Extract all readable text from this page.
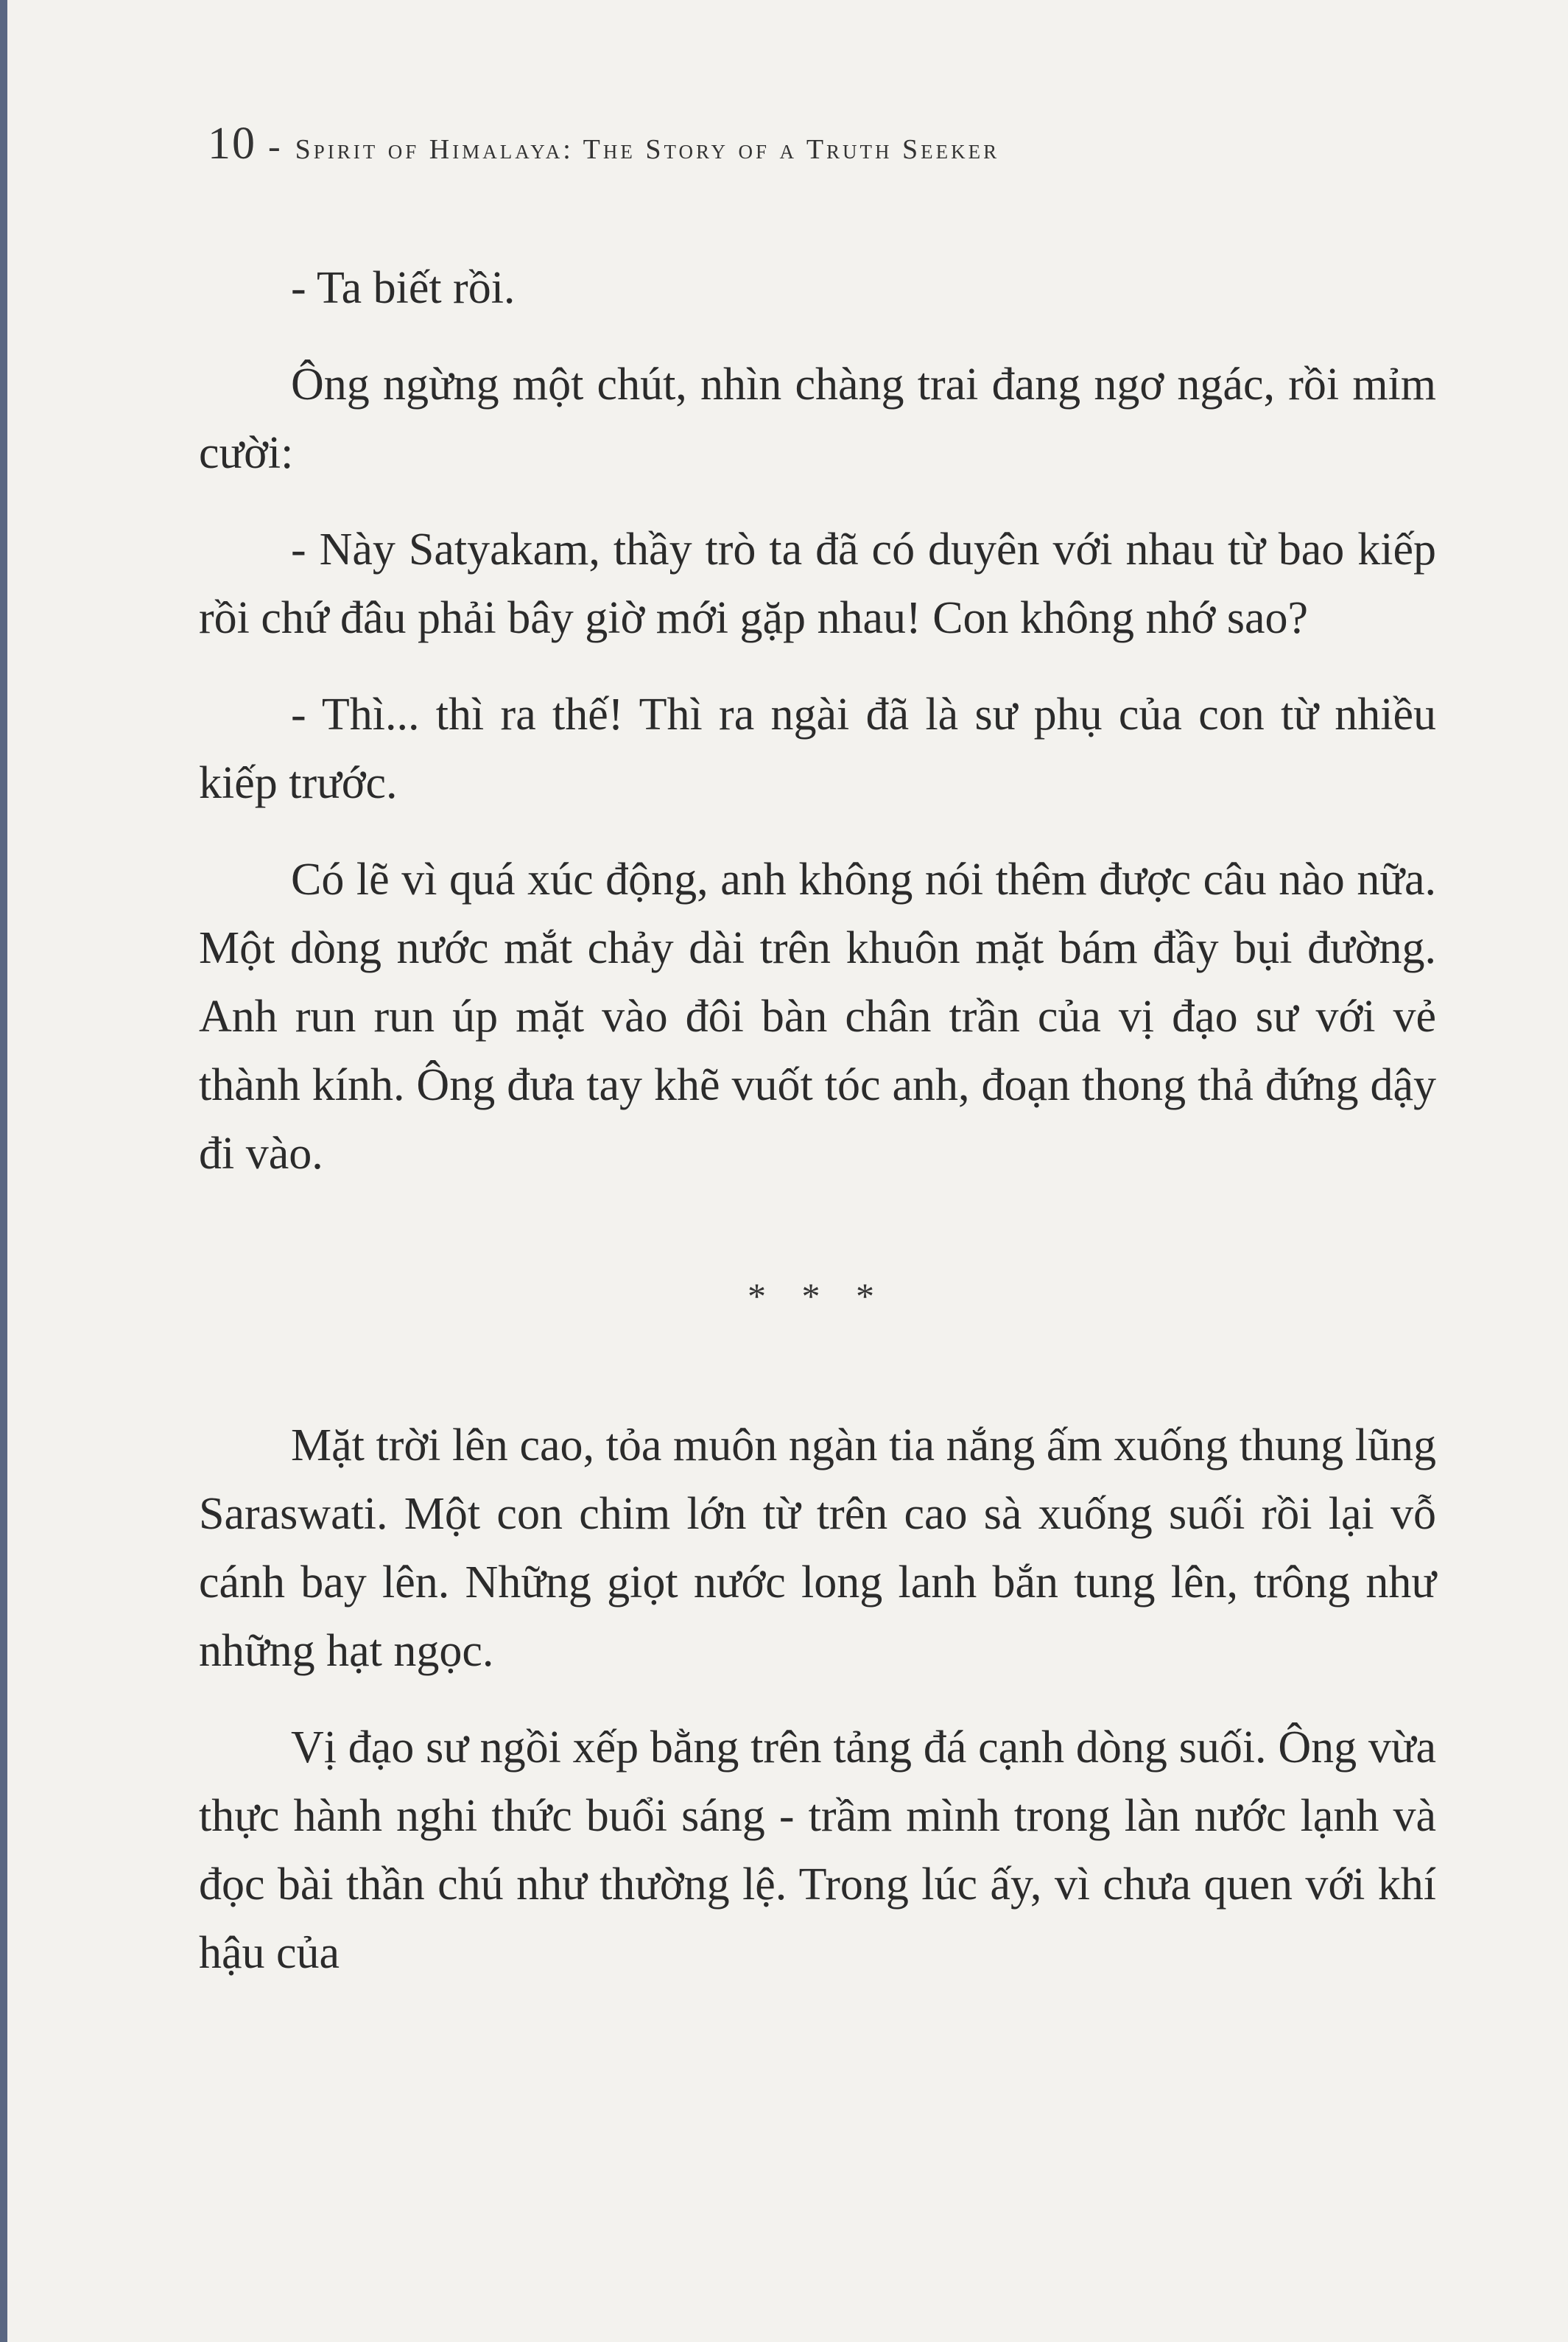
10 - Spirit of Himalaya: The Story of a Truth Seeker

- Ta biết rồi.

Ông ngừng một chút, nhìn chàng trai đang ngơ ngác, rồi mỉm cười:

- Này Satyakam, thầy trò ta đã có duyên với nhau từ bao kiếp rồi chứ đâu phải bây giờ mới gặp nhau! Con không nhớ sao?

- Thì... thì ra thế! Thì ra ngài đã là sư phụ của con từ nhiều kiếp trước.

Có lẽ vì quá xúc động, anh không nói thêm được câu nào nữa. Một dòng nước mắt chảy dài trên khuôn mặt bám đầy bụi đường. Anh run run úp mặt vào đôi bàn chân trần của vị đạo sư với vẻ thành kính. Ông đưa tay khẽ vuốt tóc anh, đoạn thong thả đứng dậy đi vào.

* * *

Mặt trời lên cao, tỏa muôn ngàn tia nắng ấm xuống thung lũng Saraswati. Một con chim lớn từ trên cao sà xuống suối rồi lại vỗ cánh bay lên. Những giọt nước long lanh bắn tung lên, trông như những hạt ngọc.

Vị đạo sư ngồi xếp bằng trên tảng đá cạnh dòng suối. Ông vừa thực hành nghi thức buổi sáng - trầm mình trong làn nước lạnh và đọc bài thần chú như thường lệ. Trong lúc ấy, vì chưa quen với khí hậu của
